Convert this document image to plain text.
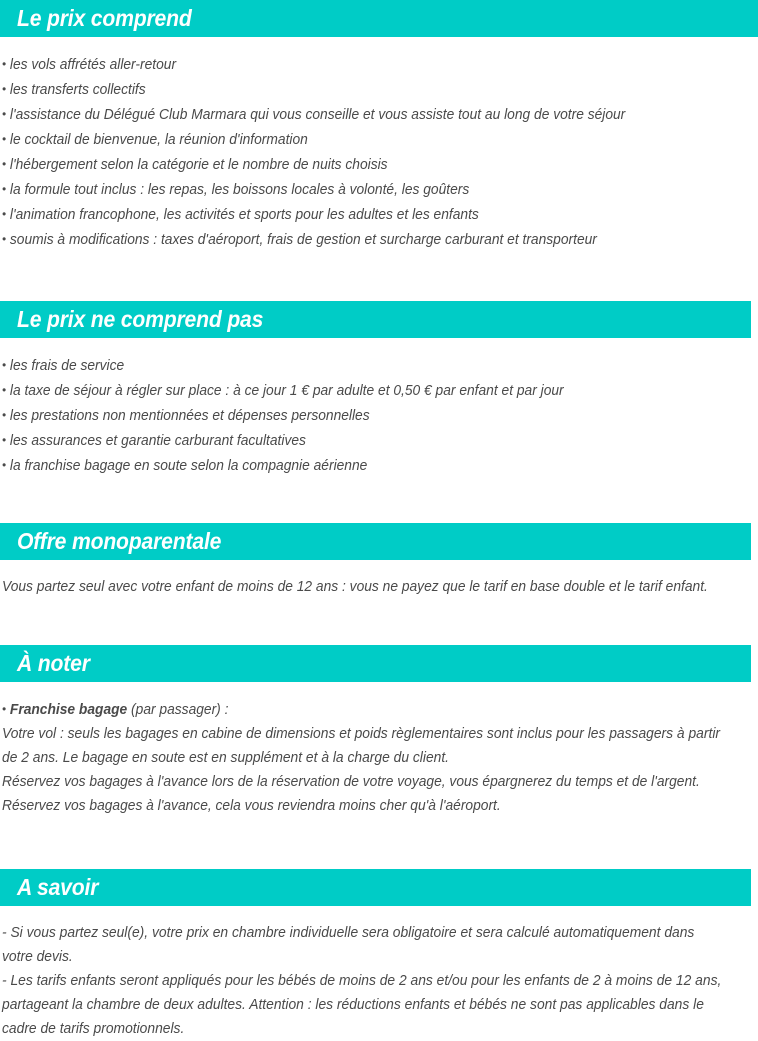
Le prix comprend
• les vols affrétés aller-retour
• les transferts collectifs
• l'assistance du Délégué Club Marmara qui vous conseille et vous assiste tout au long de votre séjour
• le cocktail de bienvenue, la réunion d'information
• l'hébergement selon la catégorie et le nombre de nuits choisis
• la formule tout inclus : les repas, les boissons locales à volonté, les goûters
• l'animation francophone, les activités et sports pour les adultes et les enfants
• soumis à modifications : taxes d'aéroport, frais de gestion et surcharge carburant et transporteur
Le prix ne comprend pas
• les frais de service
• la taxe de séjour à régler sur place : à ce jour 1 € par adulte et 0,50 € par enfant et par jour
• les prestations non mentionnées et dépenses personnelles
• les assurances et garantie carburant facultatives
• la franchise bagage en soute selon la compagnie aérienne
Offre monoparentale
Vous partez seul avec votre enfant de moins de 12 ans : vous ne payez que le tarif en base double et le tarif enfant.
À noter
• Franchise bagage (par passager) :
Votre vol : seuls les bagages en cabine de dimensions et poids règlementaires sont inclus pour les passagers à partir de 2 ans. Le bagage en soute est en supplément et à la charge du client.
Réservez vos bagages à l'avance lors de la réservation de votre voyage, vous épargnerez du temps et de l'argent.
Réservez vos bagages à l'avance, cela vous reviendra moins cher qu'à l'aéroport.
A savoir
- Si vous partez seul(e), votre prix en chambre individuelle sera obligatoire et sera calculé automatiquement dans votre devis.
- Les tarifs enfants seront appliqués pour les bébés de moins de 2 ans et/ou pour les enfants de 2 à moins de 12 ans, partageant la chambre de deux adultes. Attention : les réductions enfants et bébés ne sont pas applicables dans le cadre de tarifs promotionnels.
